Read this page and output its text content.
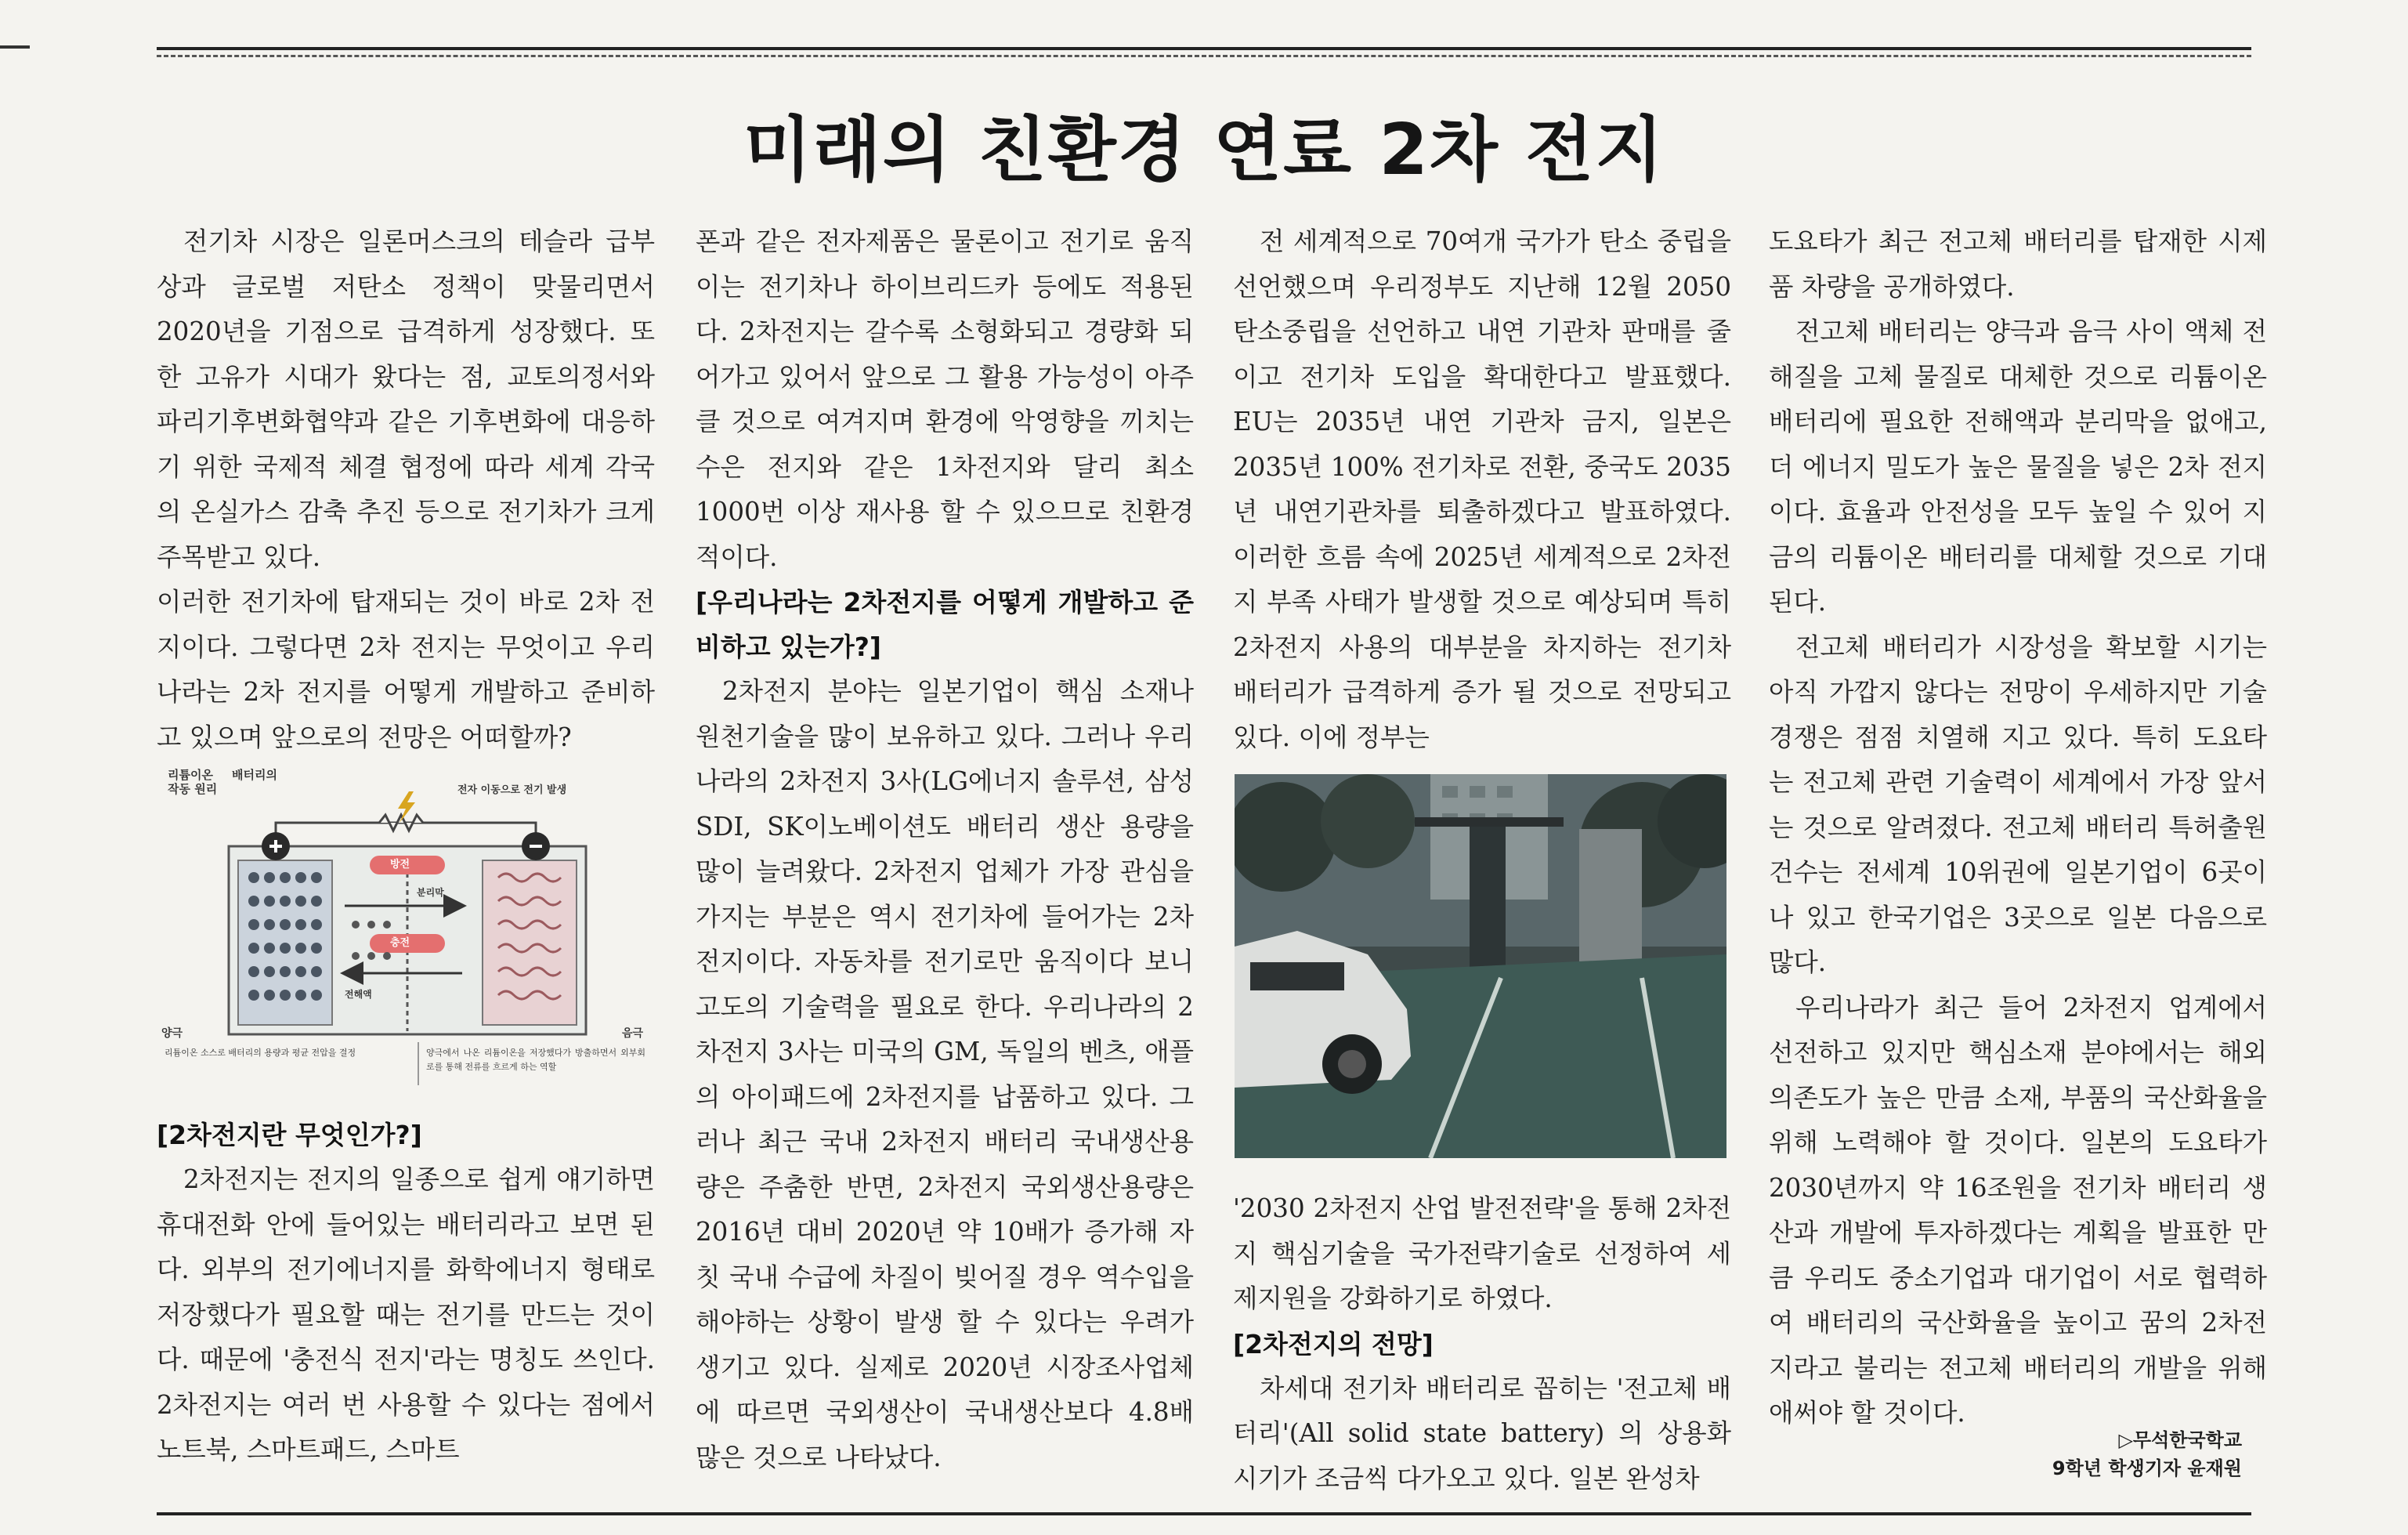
미래의 친환경 연료 2차 전지

전기차 시장은 일론머스크의 테슬라 급부상과 글로벌 저탄소 정책이 맞물리면서 2020년을 기점으로 급격하게 성장했다. 또한 고유가 시대가 왔다는 점, 교토의정서와 파리기후변화협약과 같은 기후변화에 대응하기 위한 국제적 체결 협정에 따라 세계 각국의 온실가스 감축 추진 등으로 전기차가 크게 주목받고 있다.

이러한 전기차에 탑재되는 것이 바로 2차 전지이다. 그렇다면 2차 전지는 무엇이고 우리나라는 2차 전지를 어떻게 개발하고 준비하고 있으며 앞으로의 전망은 어떠할까?

리튬이온 배터리의 작동 원리	전자 이동으로 전기 발생
방전
충전
분리막
전해액
양극	음극
리튬이온 소스로 배터리의 용량과 평균 전압을 결정	양극에서 나온 리튬이온을 저장했다가 방출하면서 외부회로를 통해 전류를 흐르게 하는 역할
[2차전지란 무엇인가?]

2차전지는 전지의 일종으로 쉽게 얘기하면 휴대전화 안에 들어있는 배터리라고 보면 된다. 외부의 전기에너지를 화학에너지 형태로 저장했다가 필요할 때는 전기를 만드는 것이다. 때문에 '충전식 전지'라는 명칭도 쓰인다. 2차전지는 여러 번 사용할 수 있다는 점에서 노트북, 스마트패드, 스마트

폰과 같은 전자제품은 물론이고 전기로 움직이는 전기차나 하이브리드카 등에도 적용된다. 2차전지는 갈수록 소형화되고 경량화 되어가고 있어서 앞으로 그 활용 가능성이 아주 클 것으로 여겨지며 환경에 악영향을 끼치는 수은 전지와 같은 1차전지와 달리 최소 1000번 이상 재사용 할 수 있으므로 친환경적이다.

[우리나라는 2차전지를 어떻게 개발하고 준비하고 있는가?]

2차전지 분야는 일본기업이 핵심 소재나 원천기술을 많이 보유하고 있다. 그러나 우리나라의 2차전지 3사(LG에너지 솔루션, 삼성SDI, SK이노베이션도 배터리 생산 용량을 많이 늘려왔다. 2차전지 업체가 가장 관심을 가지는 부분은 역시 전기차에 들어가는 2차전지이다. 자동차를 전기로만 움직이다 보니 고도의 기술력을 필요로 한다. 우리나라의 2차전지 3사는 미국의 GM, 독일의 벤츠, 애플의 아이패드에 2차전지를 납품하고 있다. 그러나 최근 국내 2차전지 배터리 국내생산용량은 주춤한 반면, 2차전지 국외생산용량은 2016년 대비 2020년 약 10배가 증가해 자칫 국내 수급에 차질이 빚어질 경우 역수입을 해야하는 상황이 발생 할 수 있다는 우려가 생기고 있다. 실제로 2020년 시장조사업체에 따르면 국외생산이 국내생산보다 4.8배 많은 것으로 나타났다.

전 세계적으로 70여개 국가가 탄소 중립을 선언했으며 우리정부도 지난해 12월 2050탄소중립을 선언하고 내연 기관차 판매를 줄이고 전기차 도입을 확대한다고 발표했다. EU는 2035년 내연 기관차 금지, 일본은 2035년 100% 전기차로 전환, 중국도 2035년 내연기관차를 퇴출하겠다고 발표하였다. 이러한 흐름 속에 2025년 세계적으로 2차전지 부족 사태가 발생할 것으로 예상되며 특히 2차전지 사용의 대부분을 차지하는 전기차 배터리가 급격하게 증가 될 것으로 전망되고 있다. 이에 정부는

'2030 2차전지 산업 발전전략'을 통해 2차전지 핵심기술을 국가전략기술로 선정하여 세제지원을 강화하기로 하였다.

[2차전지의 전망]

차세대 전기차 배터리로 꼽히는 '전고체 배터리'(All solid state battery) 의 상용화 시기가 조금씩 다가오고 있다. 일본 완성차

도요타가 최근 전고체 배터리를 탑재한 시제품 차량을 공개하였다.

전고체 배터리는 양극과 음극 사이 액체 전해질을 고체 물질로 대체한 것으로 리튬이온 배터리에 필요한 전해액과 분리막을 없애고, 더 에너지 밀도가 높은 물질을 넣은 2차 전지이다. 효율과 안전성을 모두 높일 수 있어 지금의 리튬이온 배터리를 대체할 것으로 기대된다.

전고체 배터리가 시장성을 확보할 시기는 아직 가깝지 않다는 전망이 우세하지만 기술 경쟁은 점점 치열해 지고 있다. 특히 도요타는 전고체 관련 기술력이 세계에서 가장 앞서는 것으로 알려졌다. 전고체 배터리 특허출원 건수는 전세계 10위권에 일본기업이 6곳이나 있고 한국기업은 3곳으로 일본 다음으로 많다.

우리나라가 최근 들어 2차전지 업계에서 선전하고 있지만 핵심소재 분야에서는 해외 의존도가 높은 만큼 소재, 부품의 국산화율을 위해 노력해야 할 것이다. 일본의 도요타가 2030년까지 약 16조원을 전기차 배터리 생산과 개발에 투자하겠다는 계획을 발표한 만큼 우리도 중소기업과 대기업이 서로 협력하여 배터리의 국산화율을 높이고 꿈의 2차전지라고 불리는 전고체 배터리의 개발을 위해 애써야 할 것이다.

▷무석한국학교
9학년 학생기자 윤재원
